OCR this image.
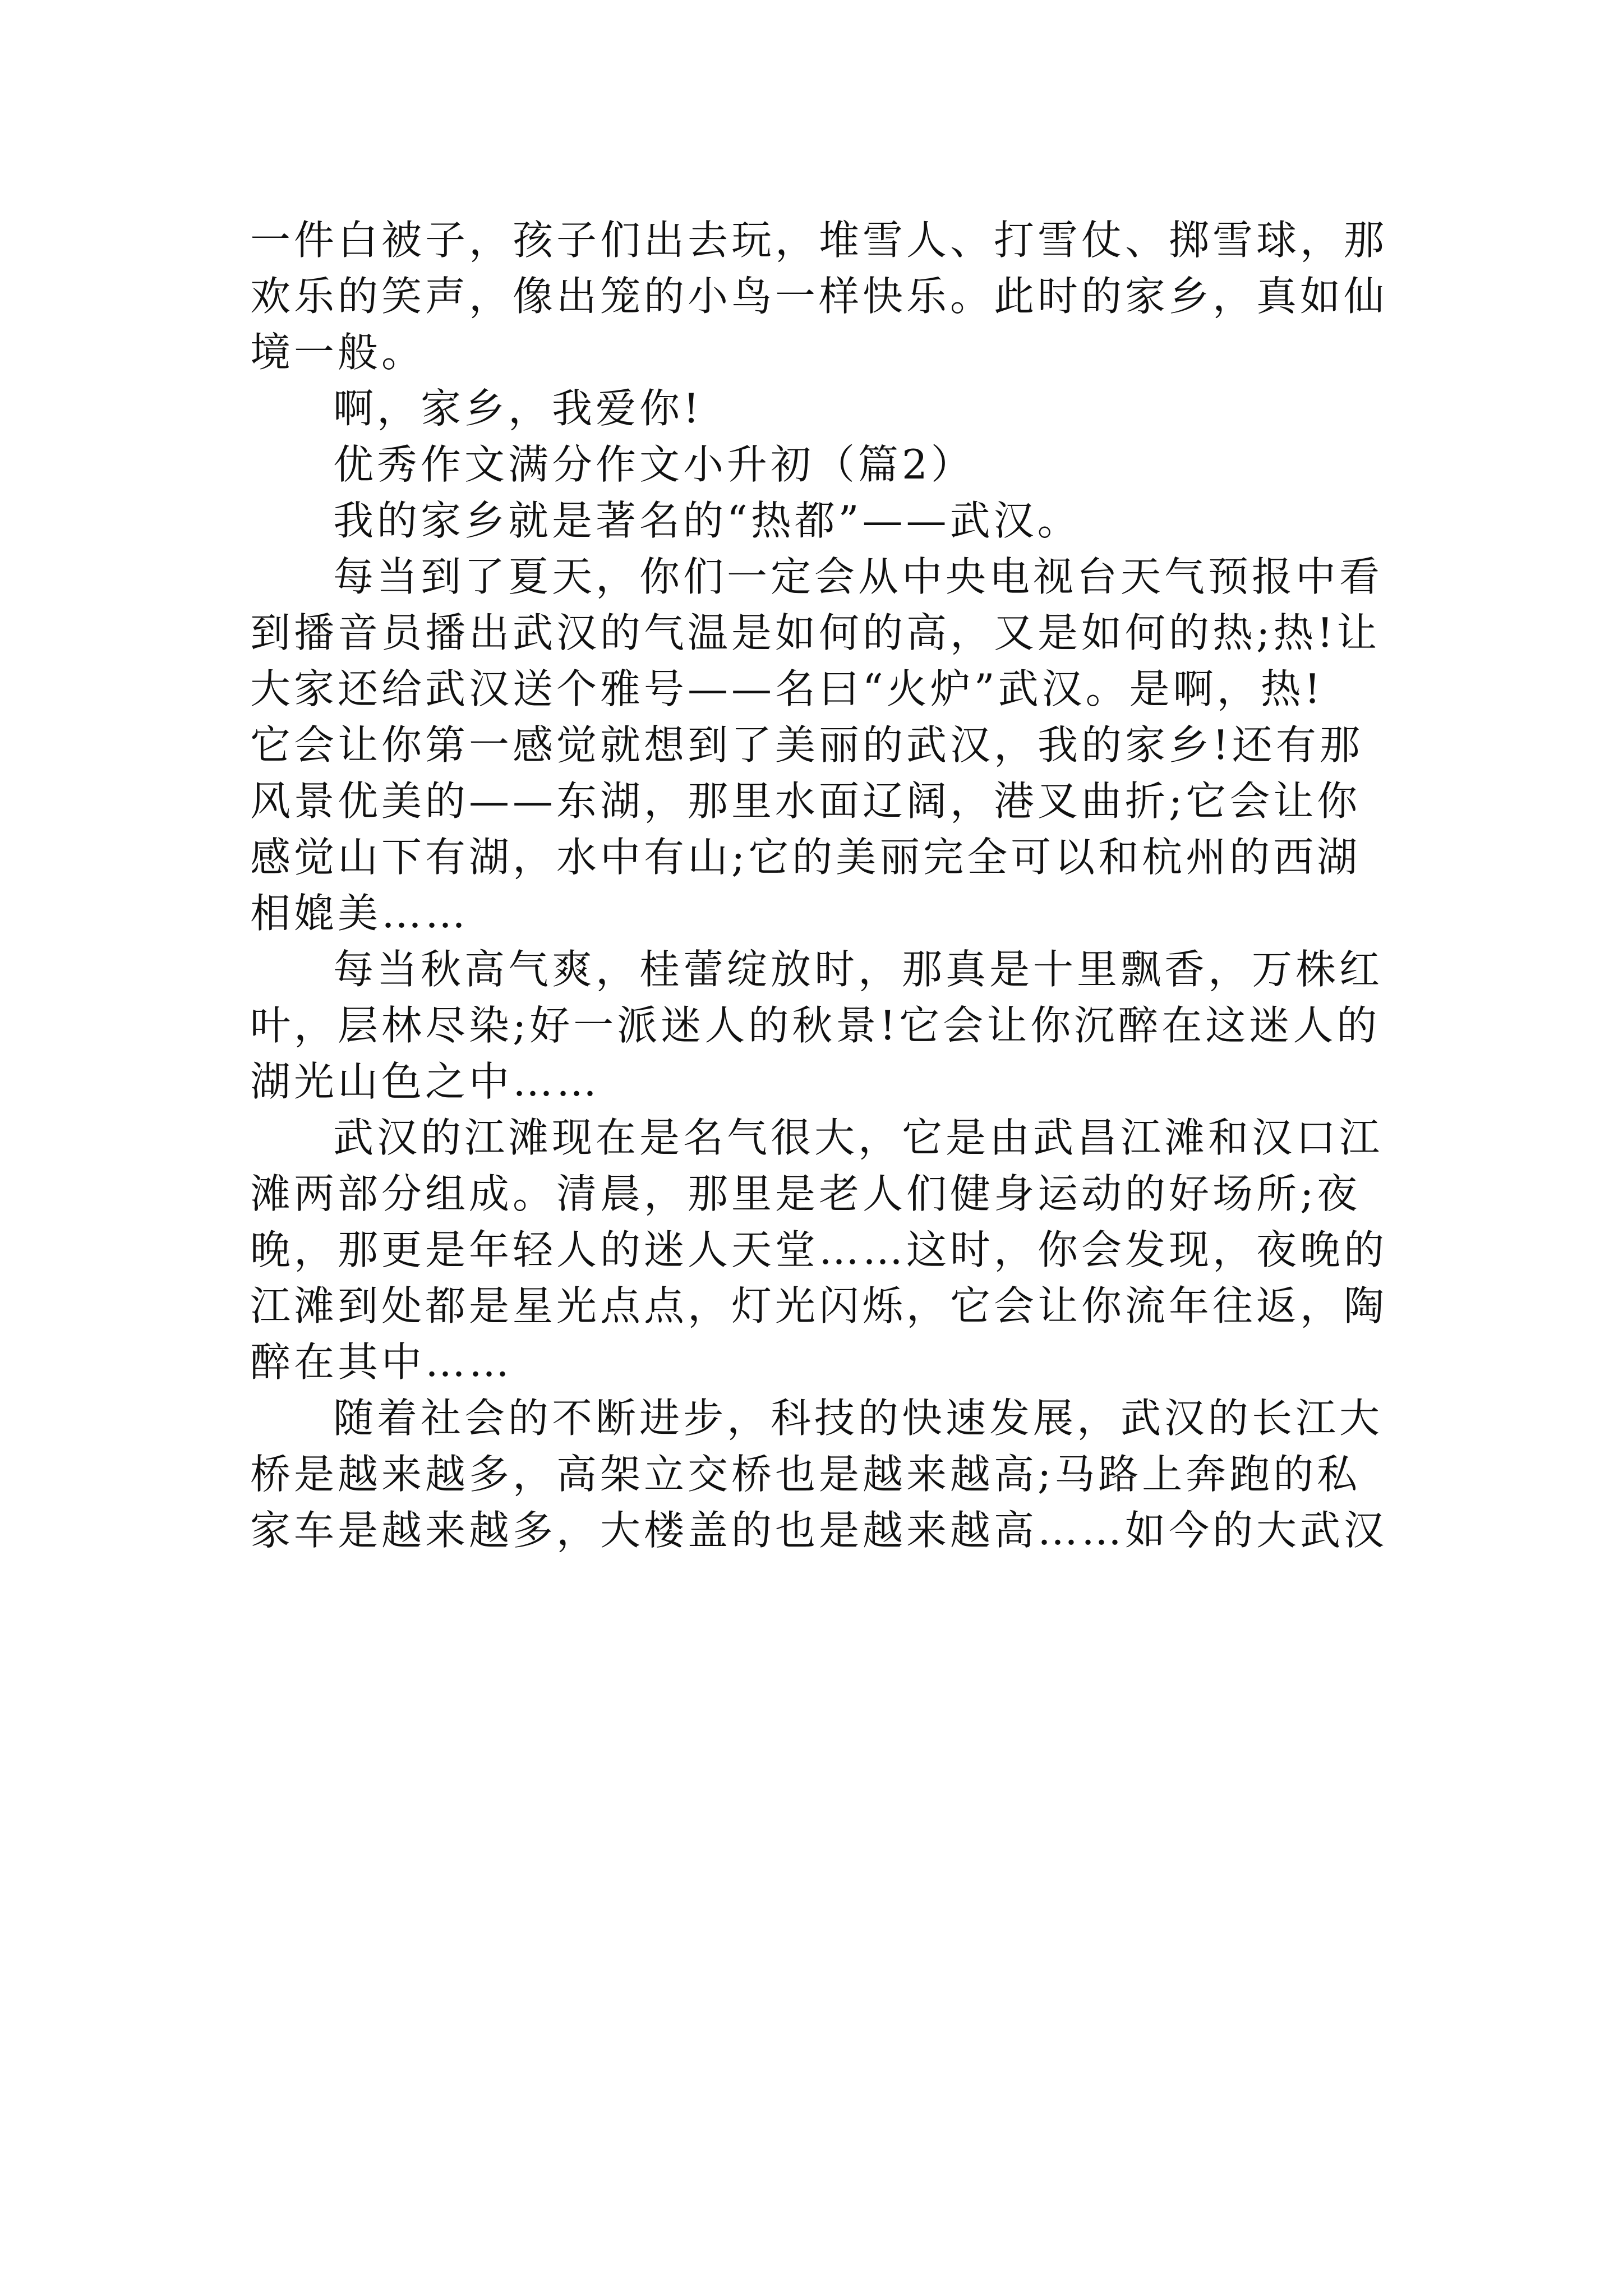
一件白被子，孩子们出去玩，堆雪人、打雪仗、掷雪球，那
欢乐的笑声，像出笼的小鸟一样快乐。此时的家乡，真如仙
境一般。
啊，家乡，我爱你!
优秀作文满分作文小升初（篇2）
我的家乡就是著名的“热都”——武汉。
每当到了夏天，你们一定会从中央电视台天气预报中看
到播音员播出武汉的气温是如何的高，又是如何的热;热!让
大家还给武汉送个雅号——名曰“火炉”武汉。是啊，热!
它会让你第一感觉就想到了美丽的武汉，我的家乡!还有那
风景优美的——东湖，那里水面辽阔，港叉曲折;它会让你
感觉山下有湖，水中有山;它的美丽完全可以和杭州的西湖
相媲美……
每当秋高气爽，桂蕾绽放时，那真是十里飘香，万株红
叶，层林尽染;好一派迷人的秋景!它会让你沉醉在这迷人的
湖光山色之中……
武汉的江滩现在是名气很大，它是由武昌江滩和汉口江
滩两部分组成。清晨，那里是老人们健身运动的好场所;夜
晚，那更是年轻人的迷人天堂……这时，你会发现，夜晚的
江滩到处都是星光点点，灯光闪烁，它会让你流年往返，陶
醉在其中……
随着社会的不断进步，科技的快速发展，武汉的长江大
桥是越来越多，高架立交桥也是越来越高;马路上奔跑的私
家车是越来越多，大楼盖的也是越来越高……如今的大武汉
